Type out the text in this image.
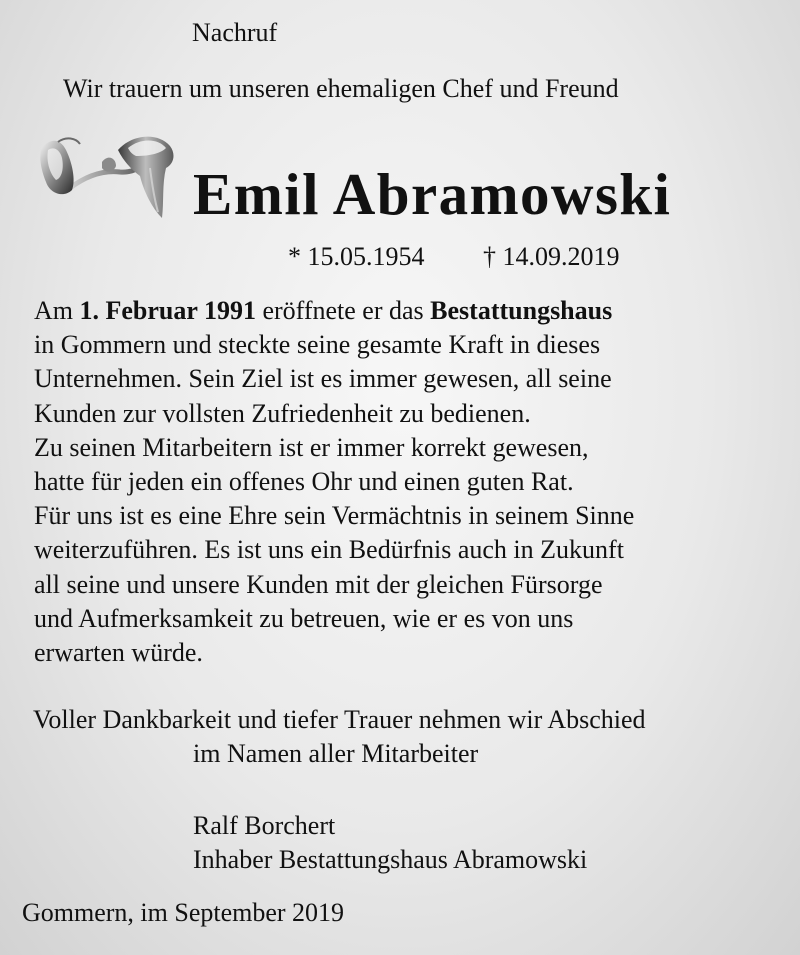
Nachruf
Wir trauern um unseren ehemaligen Chef und Freund
Emil Abramowski
* 15.05.1954 † 14.09.2019
Am 1. Februar 1991 eröffnete er das Bestattungshaus
in Gommern und steckte seine gesamte Kraft in dieses
Unternehmen. Sein Ziel ist es immer gewesen, all seine
Kunden zur vollsten Zufriedenheit zu bedienen.
Zu seinen Mitarbeitern ist er immer korrekt gewesen,
hatte für jeden ein offenes Ohr und einen guten Rat.
Für uns ist es eine Ehre sein Vermächtnis in seinem Sinne
weiterzuführen. Es ist uns ein Bedürfnis auch in Zukunft
all seine und unsere Kunden mit der gleichen Fürsorge
und Aufmerksamkeit zu betreuen, wie er es von uns
erwarten würde.
Voller Dankbarkeit und tiefer Trauer nehmen wir Abschied
im Namen aller Mitarbeiter
Ralf Borchert
Inhaber Bestattungshaus Abramowski
Gommern, im September 2019
